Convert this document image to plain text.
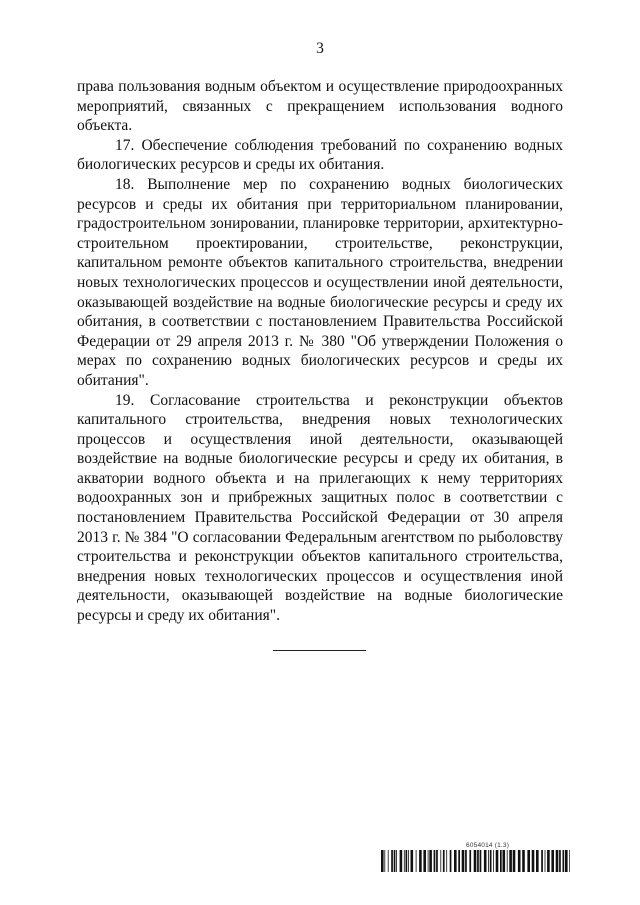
3

права пользования водным объектом и осуществление природоохранных мероприятий, связанных с прекращением использования водного объекта.

17. Обеспечение соблюдения требований по сохранению водных биологических ресурсов и среды их обитания.

18. Выполнение мер по сохранению водных биологических ресурсов и среды их обитания при территориальном планировании, градостроительном зонировании, планировке территории, архитектурно-строительном проектировании, строительстве, реконструкции, капитальном ремонте объектов капитального строительства, внедрении новых технологических процессов и осуществлении иной деятельности, оказывающей воздействие на водные биологические ресурсы и среду их обитания, в соответствии с постановлением Правительства Российской Федерации от 29 апреля 2013 г. № 380 "Об утверждении Положения о мерах по сохранению водных биологических ресурсов и среды их обитания".

19. Согласование строительства и реконструкции объектов капитального строительства, внедрения новых технологических процессов и осуществления иной деятельности, оказывающей воздействие на водные биологические ресурсы и среду их обитания, в акватории водного объекта и на прилегающих к нему территориях водоохранных зон и прибрежных защитных полос в соответствии с постановлением Правительства Российской Федерации от 30 апреля 2013 г. № 384 "О согласовании Федеральным агентством по рыболовству строительства и реконструкции объектов капитального строительства, внедрения новых технологических процессов и осуществления иной деятельности, оказывающей воздействие на водные биологические ресурсы и среду их обитания".

6054014 (1.3)
